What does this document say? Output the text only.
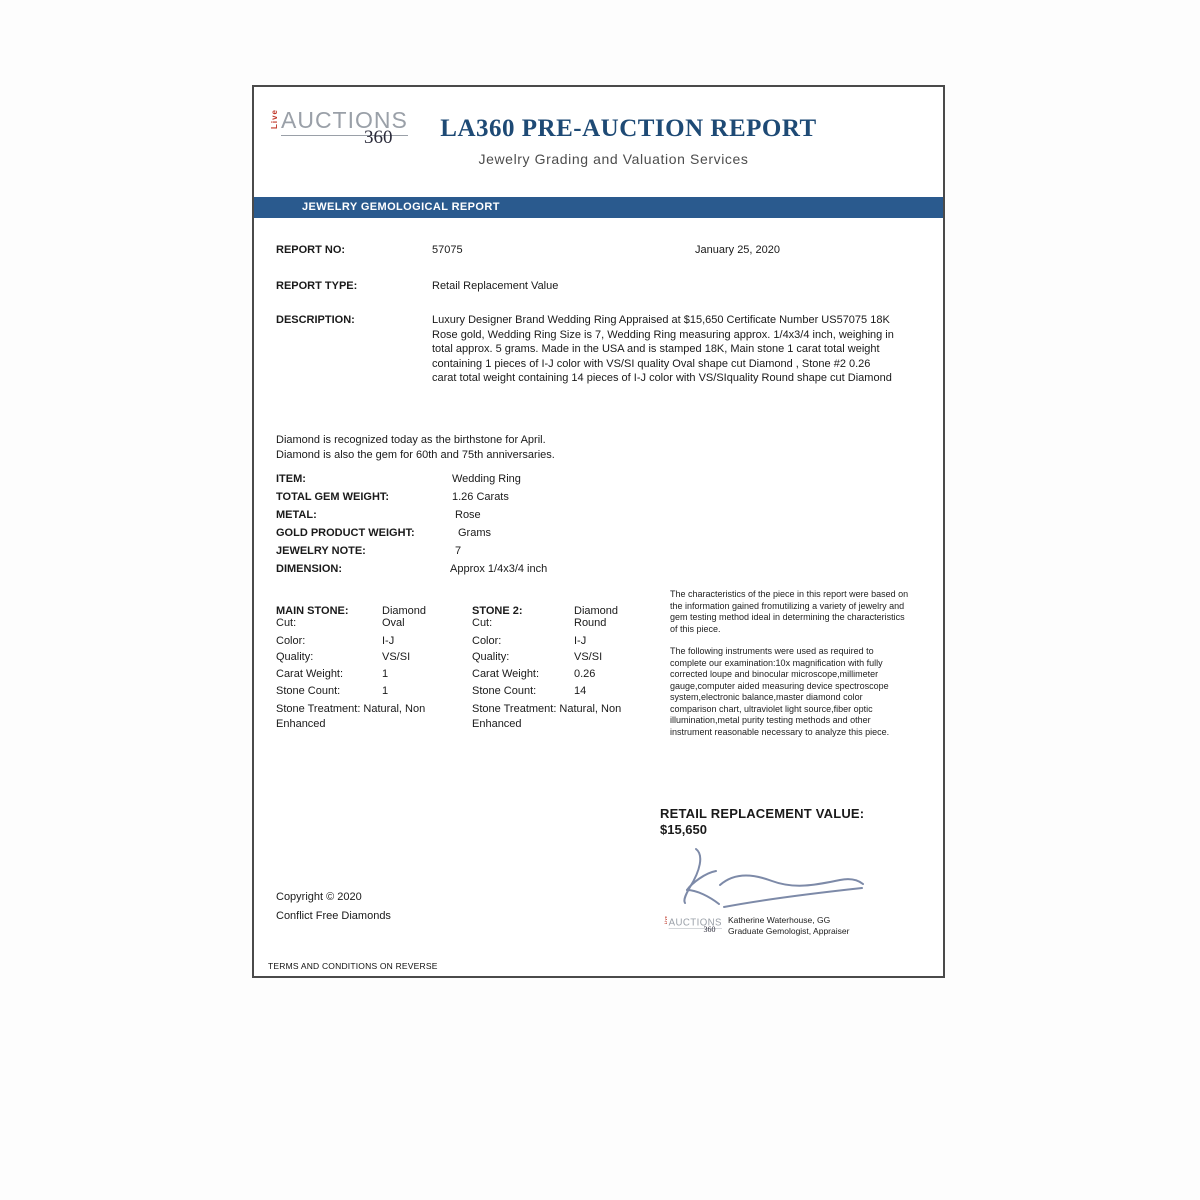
Live AUCTIONS
360	LA360 PRE-AUCTION REPORT
Jewelry Grading and Valuation Services
JEWELRY GEMOLOGICAL REPORT
REPORT NO:	57075	January 25, 2020
REPORT TYPE:	Retail Replacement Value
DESCRIPTION:	Luxury Designer Brand Wedding Ring Appraised at $15,650 Certificate Number US57075 18K Rose gold, Wedding Ring Size is 7, Wedding Ring measuring approx. 1/4x3/4 inch, weighing in total approx. 5 grams. Made in the USA and is stamped 18K, Main stone 1 carat total weight containing 1 pieces of I-J color with VS/SI quality Oval shape cut Diamond , Stone #2 0.26 carat total weight containing 14 pieces of I-J color with VS/SIquality Round shape cut Diamond
Diamond is recognized today as the birthstone for April.
Diamond is also the gem for 60th and 75th anniversaries.
ITEM:	Wedding Ring
TOTAL GEM WEIGHT:	1.26 Carats
METAL:	Rose
GOLD PRODUCT WEIGHT:	Grams
JEWELRY NOTE:	7
DIMENSION:	Approx 1/4x3/4 inch
MAIN STONE:	Diamond
Cut:	Oval
Color:	I-J
Quality:	VS/SI
Carat Weight:	1
Stone Count:	1
Stone Treatment: Natural, Non Enhanced
STONE 2:	Diamond
Cut:	Round
Color:	I-J
Quality:	VS/SI
Carat Weight:	0.26
Stone Count:	14
Stone Treatment: Natural, Non Enhanced

The characteristics of the piece in this report were based on the information gained fromutilizing a variety of jewelry and gem testing method ideal in determining the characteristics of this piece.

The following instruments were used as required to complete our examination:10x magnification with fully corrected loupe and binocular microscope,millimeter gauge,computer aided measuring device spectroscope system,electronic balance,master diamond color comparison chart, ultraviolet light source,fiber optic illumination,metal purity testing methods and other instrument reasonable necessary to analyze this piece.

RETAIL REPLACEMENT VALUE:
$15,650
Copyright © 2020
Conflict Free Diamonds	Live AUCTIONS
360
Katherine Waterhouse, GG
Graduate Gemologist, Appraiser
TERMS AND CONDITIONS ON REVERSE
